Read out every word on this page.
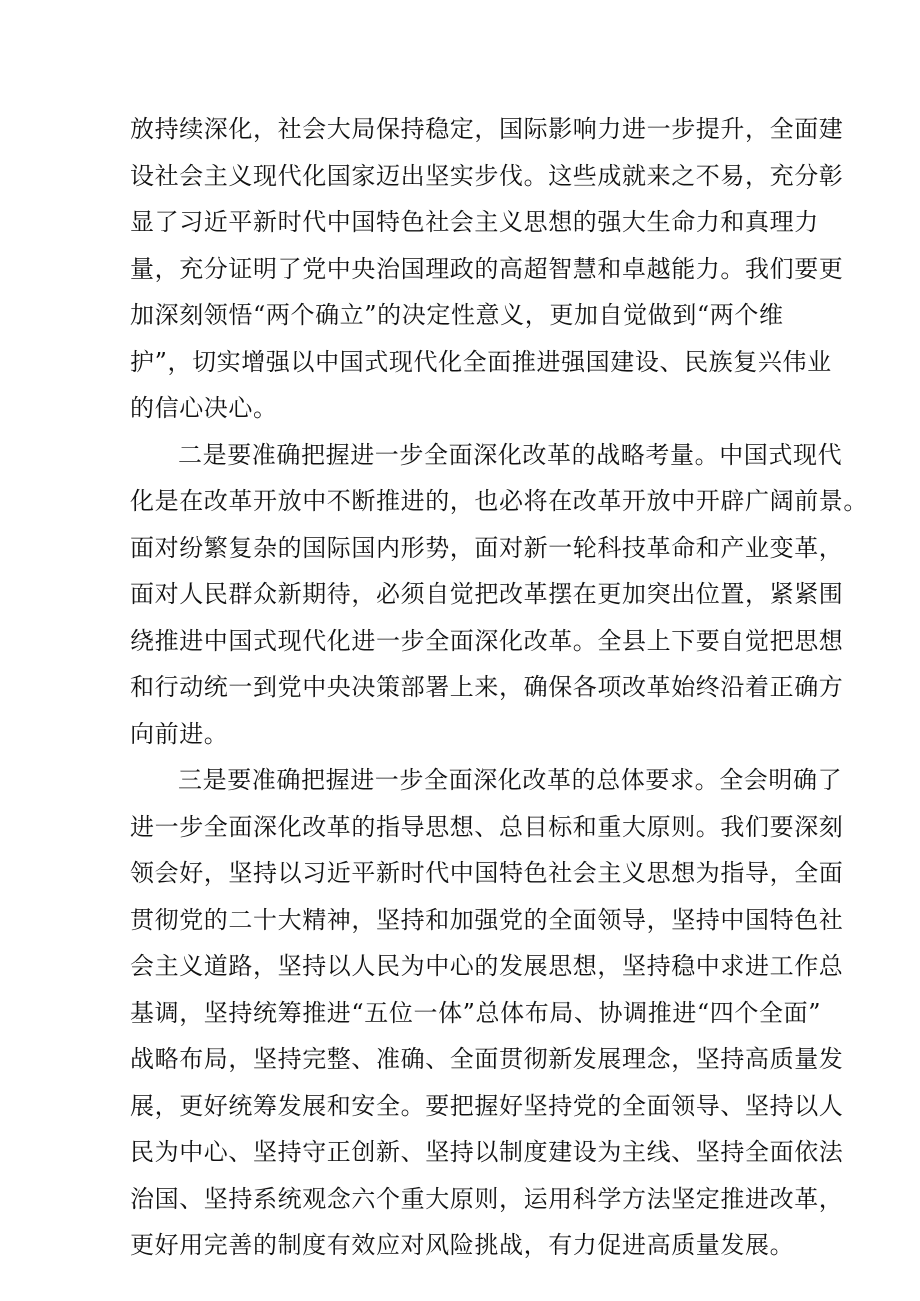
放持续深化，社会大局保持稳定，国际影响力进一步提升，全面建
设社会主义现代化国家迈出坚实步伐。这些成就来之不易，充分彰
显了习近平新时代中国特色社会主义思想的强大生命力和真理力
量，充分证明了党中央治国理政的高超智慧和卓越能力。我们要更
加深刻领悟“两个确立”的决定性意义，更加自觉做到“两个维
护”，切实增强以中国式现代化全面推进强国建设、民族复兴伟业
的信心决心。

二是要准确把握进一步全面深化改革的战略考量。中国式现代
化是在改革开放中不断推进的，也必将在改革开放中开辟广阔前景。
面对纷繁复杂的国际国内形势，面对新一轮科技革命和产业变革，
面对人民群众新期待，必须自觉把改革摆在更加突出位置，紧紧围
绕推进中国式现代化进一步全面深化改革。全县上下要自觉把思想
和行动统一到党中央决策部署上来，确保各项改革始终沿着正确方
向前进。

三是要准确把握进一步全面深化改革的总体要求。全会明确了
进一步全面深化改革的指导思想、总目标和重大原则。我们要深刻
领会好，坚持以习近平新时代中国特色社会主义思想为指导，全面
贯彻党的二十大精神，坚持和加强党的全面领导，坚持中国特色社
会主义道路，坚持以人民为中心的发展思想，坚持稳中求进工作总
基调，坚持统筹推进“五位一体”总体布局、协调推进“四个全面”
战略布局，坚持完整、准确、全面贯彻新发展理念，坚持高质量发
展，更好统筹发展和安全。要把握好坚持党的全面领导、坚持以人
民为中心、坚持守正创新、坚持以制度建设为主线、坚持全面依法
治国、坚持系统观念六个重大原则，运用科学方法坚定推进改革，
更好用完善的制度有效应对风险挑战，有力促进高质量发展。
